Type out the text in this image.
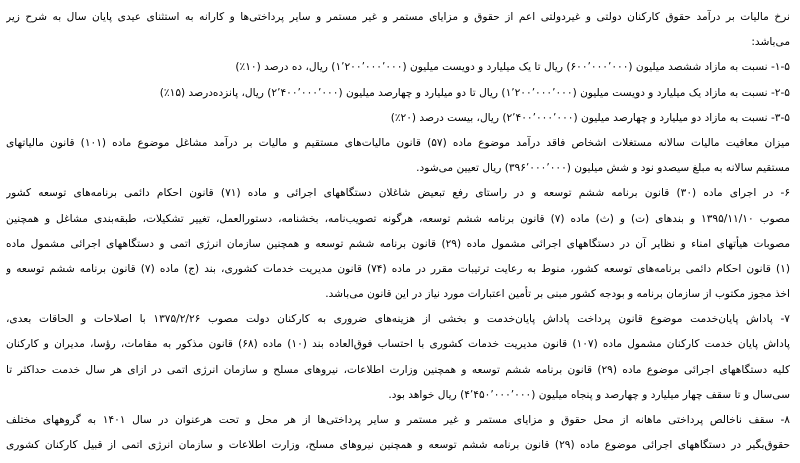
نرخ مالیات بر درآمد حقوق کارکنان دولتی و غیردولتی اعم از حقوق و مزایای مستمر و غیر مستمر و سایر پرداختی‌ها و کارانه به استثنای عیدی پایان سال به شرح زیر
می‌باشد:
۱-۵- نسبت به مازاد ششصد میلیون (۶۰۰٬۰۰۰٬۰۰۰) ریال تا یک میلیارد و دویست میلیون (۱٬۲۰۰٬۰۰۰٬۰۰۰) ریال، ده درصد (۱۰٪)
۲-۵- نسبت به مازاد یک میلیارد و دویست میلیون (۱٬۲۰۰٬۰۰۰٬۰۰۰) ریال تا دو میلیارد و چهارصد میلیون (۲٬۴۰۰٬۰۰۰٬۰۰۰) ریال، پانزده‌درصد (۱۵٪)
۳-۵- نسبت به مازاد دو میلیارد و چهارصد میلیون (۲٬۴۰۰٬۰۰۰٬۰۰۰) ریال، بیست درصد (۲۰٪)
میزان معافیت مالیات سالانه مستغلات اشخاص فاقد درآمد موضوع ماده (۵۷) قانون مالیات‌های مستقیم و مالیات بر درآمد مشاغل موضوع ماده (۱۰۱) قانون مالیاتهای
مستقیم سالانه به مبلغ سیصدو نود و شش میلیون (۳۹۶٬۰۰۰٬۰۰۰) ریال تعیین می‌شود.
۶- در اجرای ماده (۳۰) قانون برنامه ششم توسعه و در راستای رفع تبعیض شاغلان دستگاههای اجرائی و ماده (۷۱) قانون احکام دائمی برنامه‌های توسعه کشور
مصوب ۱۳۹۵/۱۱/۱۰ و بندهای (ت) و (ث) ماده (۷) قانون برنامه ششم توسعه، هرگونه تصویب‌نامه، بخشنامه، دستورالعمل، تغییر تشکیلات، طبقه‌بندی مشاغل و همچنین
مصوبات هیأتهای امناء و نظایر آن در دستگاههای اجرائی مشمول ماده (۲۹) قانون برنامه ششم توسعه و همچنین سازمان انرژی اتمی و دستگاههای اجرائی مشمول ماده
(۱) قانون احکام دائمی برنامه‌های توسعه کشور، منوط به رعایت ترتیبات مقرر در ماده (۷۴) قانون مدیریت خدمات کشوری، بند (ج) ماده (۷) قانون برنامه ششم توسعه و
اخذ مجوز مکتوب از سازمان برنامه و بودجه کشور مبنی بر تأمین اعتبارات مورد نیاز در این قانون می‌باشد.
۷- پاداش پایان‌خدمت موضوع قانون پرداخت پاداش پایان‌خدمت و بخشی از هزینه‌های ضروری به کارکنان دولت مصوب ۱۳۷۵/۲/۲۶ با اصلاحات و الحاقات بعدی،
پاداش پایان خدمت کارکنان مشمول ماده (۱۰۷) قانون مدیریت خدمات کشوری با احتساب فوق‌العاده بند (۱۰) ماده (۶۸) قانون مذکور به مقامات، رؤسا، مدیران و کارکنان
کلیه دستگاههای اجرائی موضوع ماده (۲۹) قانون برنامه ششم توسعه و همچنین وزارت اطلاعات، نیروهای مسلح و سازمان انرژی اتمی در ازای هر سال خدمت حداکثر تا
سی‌سال و تا سقف چهار میلیارد و چهارصد و پنجاه میلیون (۴٬۴۵۰٬۰۰۰٬۰۰۰) ریال خواهد بود.
۸- سقف ناخالص پرداختی ماهانه از محل حقوق و مزایای مستمر و غیر مستمر و سایر پرداختی‌ها از هر محل و تحت هرعنوان در سال ۱۴۰۱ به گروههای مختلف
حقوق‌بگیر در دستگاههای اجرائی موضوع ماده (۲۹) قانون برنامه ششم توسعه و همچنین نیروهای مسلح، وزارت اطلاعات و سازمان انرژی اتمی از قبیل کارکنان کشوری
